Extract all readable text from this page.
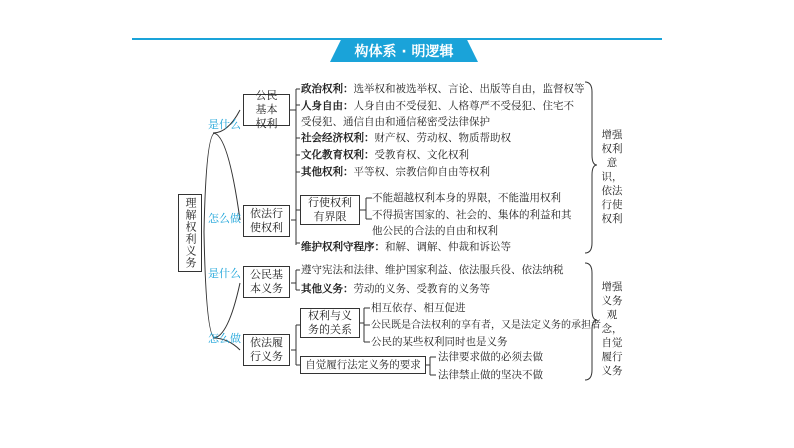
构体系 · 明逻辑
理解权利义务
是什么
怎么做
是什么
怎么做
公民基本权利
依法行使权利
行使权利有界限
公民基本义务
依法履行义务
权利与义务的关系
自觉履行法定义务的要求
政治权利：选举权和被选举权、言论、出版等自由，监督权等
人身自由：人身自由不受侵犯、人格尊严不受侵犯、住宅不
受侵犯、通信自由和通信秘密受法律保护
社会经济权利：财产权、劳动权、物质帮助权
文化教育权利：受教育权、文化权利
其他权利：平等权、宗教信仰自由等权利
不能超越权利本身的界限，不能滥用权利
不得损害国家的、社会的、集体的利益和其
他公民的合法的自由和权利
维护权利守程序：和解、调解、仲裁和诉讼等
遵守宪法和法律、维护国家利益、依法服兵役、依法纳税
其他义务：劳动的义务、受教育的义务等
相互依存、相互促进
公民既是合法权利的享有者，又是法定义务的承担者
公民的某些权利同时也是义务
法律要求做的必须去做
法律禁止做的坚决不做
增强权利意识，依法行使权利
增强义务观念，自觉履行义务
